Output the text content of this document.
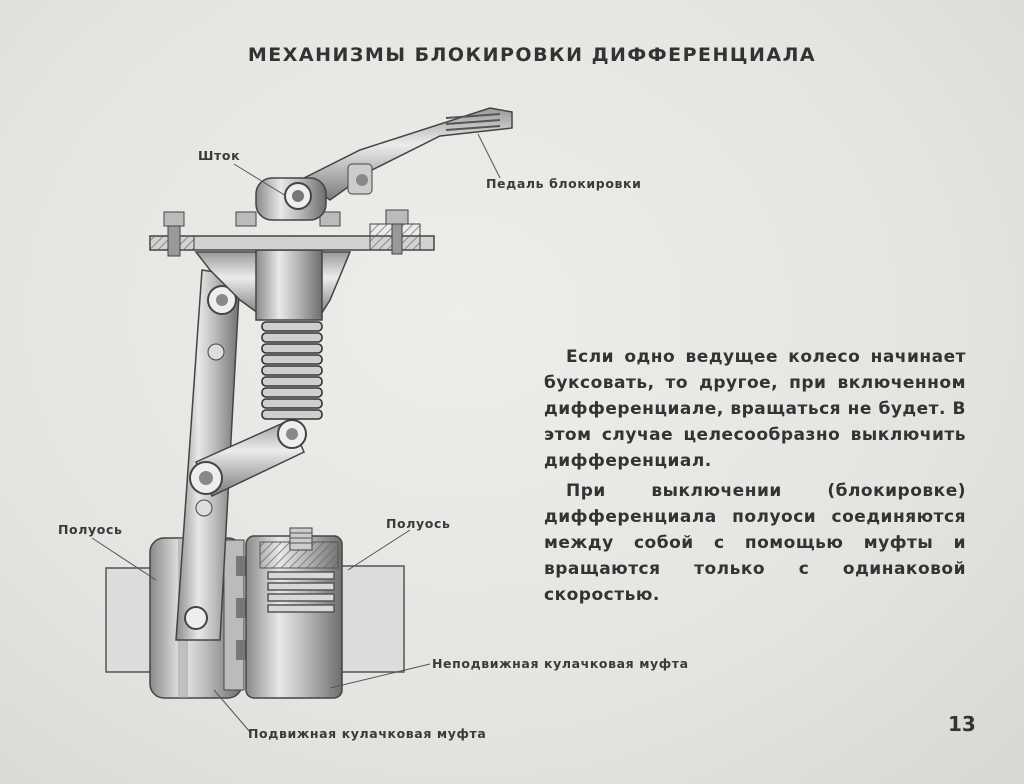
МЕХАНИЗМЫ БЛОКИРОВКИ ДИФФЕРЕНЦИАЛА
Шток
Педаль блокировки
Полуось	Полуось
Неподвижная кулачковая муфта
Подвижная кулачковая муфта

Если одно ведущее колесо начинает буксовать, то другое, при включенном дифференциале, вращаться не будет. В этом случае целесообразно выключить дифференциал.

При выключении (блокировке) дифференциала полуоси соединяются между собой с помощью муфты и вращаются только с одинаковой скоростью.

13
